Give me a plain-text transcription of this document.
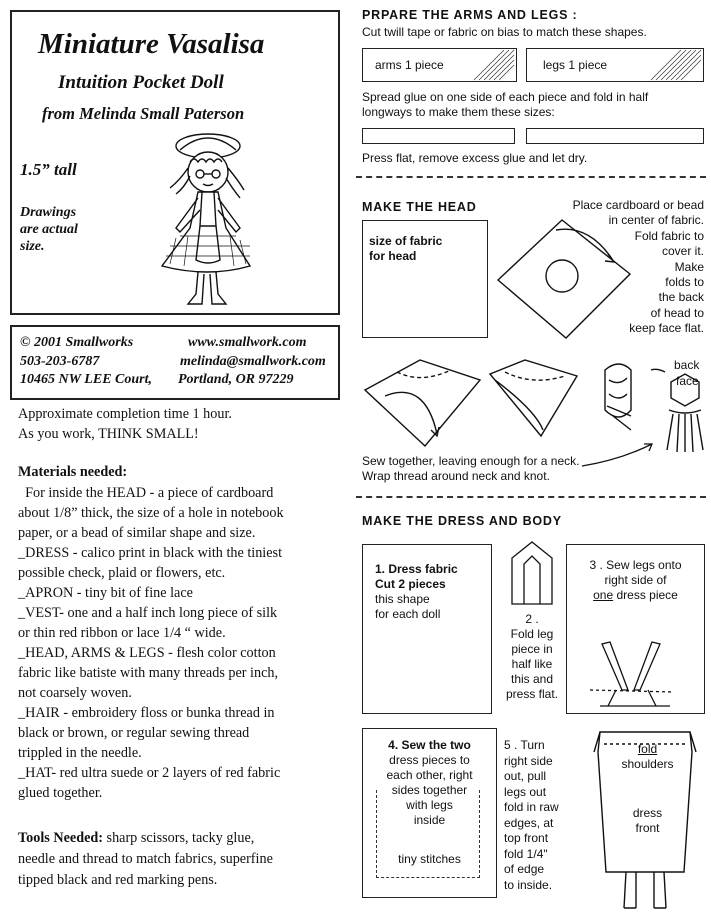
Miniature Vasalisa
Intuition Pocket Doll
from Melinda Small Paterson
1.5” tall
Drawings
are actual
size.
© 2001 Smallworks	www.smallwork.com
503-203-6787	melinda@smallwork.com
10465 NW LEE Court, Portland, OR 97229
Approximate completion time 1 hour.
As you work, THINK SMALL!
Materials needed:
For inside the HEAD - a piece of cardboard
about 1/8” thick, the size of a hole in notebook
paper, or a bead of similar shape and size.
_DRESS - calico print in black with the tiniest
possible check, plaid or flowers, etc.
_APRON - tiny bit of fine lace
_VEST- one and a half inch long piece of silk
or thin red ribbon or lace 1/4 “ wide.
_HEAD, ARMS & LEGS - flesh color cotton
fabric like batiste with many threads per inch,
not coarsely woven.
_HAIR - embroidery floss or bunka thread in
black or brown, or regular sewing thread
trippled in the needle.
_HAT- red ultra suede or 2 layers of red fabric
glued together.
Tools Needed: sharp scissors, tacky glue,
needle and thread to match fabrics, superfine
tipped black and red marking pens.
PRPARE THE ARMS AND LEGS :
Cut twill tape or fabric on bias to match these shapes.
arms 1 piece	legs 1 piece
Spread glue on one side of each piece and fold in half
longways to make them these sizes:
Press flat, remove excess glue and let dry.
MAKE THE HEAD
size of fabric
for head
Place cardboard or bead
in center of fabric.
Fold fabric to
cover it.
Make
folds to
the back
of head to
keep face flat.
back
face
Sew together, leaving enough for a neck.
Wrap thread around neck and knot.
MAKE THE DRESS AND BODY
1. Dress fabric
Cut 2 pieces
this shape
for each doll	2 .
Fold leg
piece in
half like
this and
press flat.
3 . Sew legs onto
right side of
one dress piece
4. Sew the two
dress pieces to
each other, right
sides together
with legs
inside
tiny stitches
5 . Turn
right side
out, pull
legs out
fold in raw
edges, at
top front
fold 1/4"
of edge
to inside.
fold
shoulders
dress
front
